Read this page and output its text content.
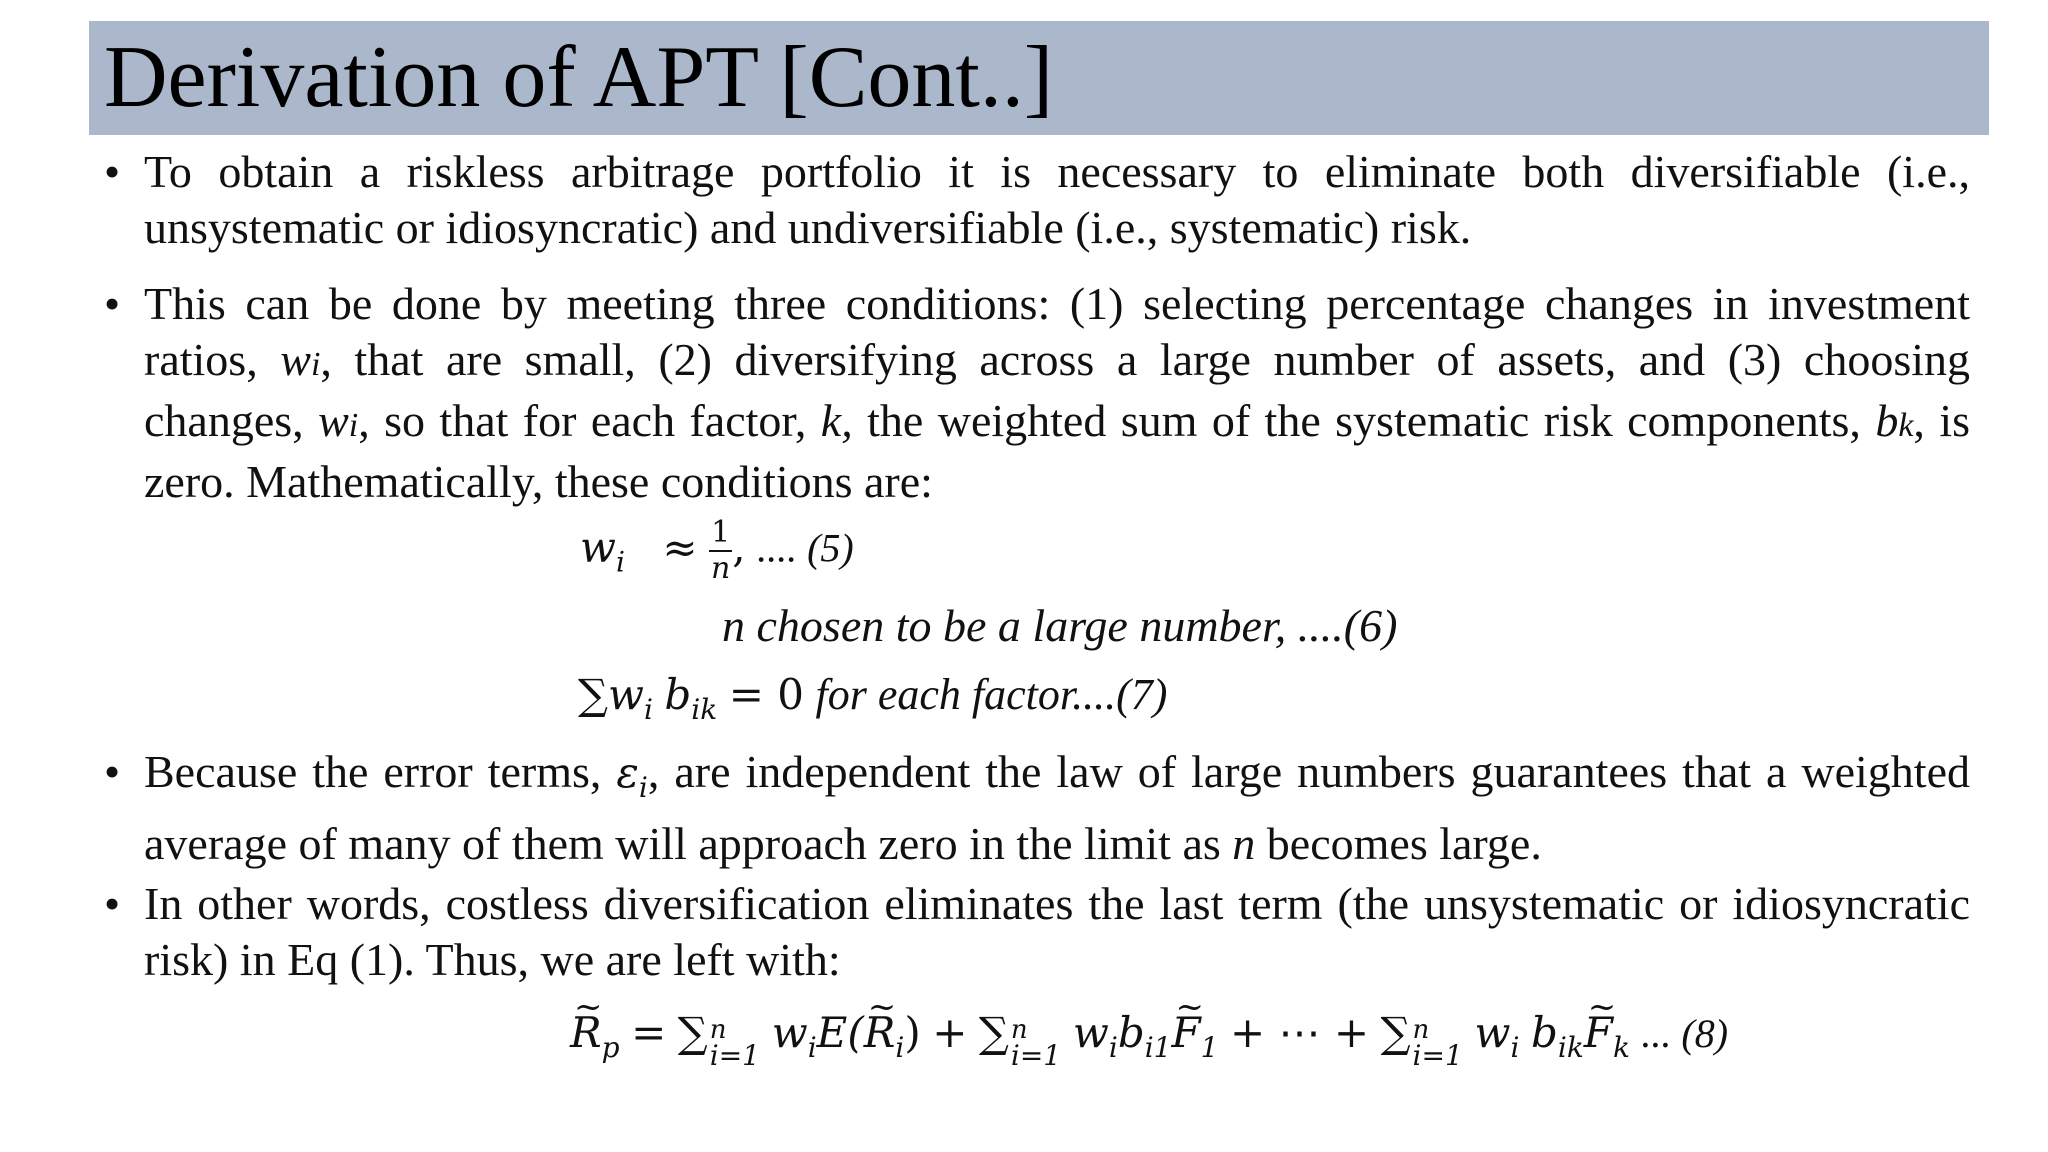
Derivation of APT [Cont..]
• To obtain a riskless arbitrage portfolio it is necessary to eliminate both diversifiable (i.e., unsystematic or idiosyncratic) and undiversifiable (i.e., systematic) risk.
• This can be done by meeting three conditions: (1) selecting percentage changes in investment ratios, wi, that are small, (2) diversifying across a large number of assets, and (3) choosing changes, wi, so that for each factor, k, the weighted sum of the systematic risk components, bk, is zero. Mathematically, these conditions are:
$w_i \approx \frac{1}{n}$ , .... (5)
n chosen to be a large number, ....(6)
$\sum w_i$ $b_{ik} = 0$ for each factor....(7)
• Because the error terms, $\varepsilon_i$, are independent the law of large numbers guarantees that a weighted average of many of them will approach zero in the limit as n becomes large.
• In other words, costless diversification eliminates the last term (the unsystematic or idiosyncratic risk) in Eq (1). Thus, we are left with:
~ $R_p$ = ∑ n
i=1 $w_iE(\sim$ $R_i$) + ∑ n
i=1 $w_ib_{i1}\sim$ $F_1$ + ⋯ + ∑ n
i=1 $w_i$ $b_{ik}\sim$ $F_k$ ... (8)
